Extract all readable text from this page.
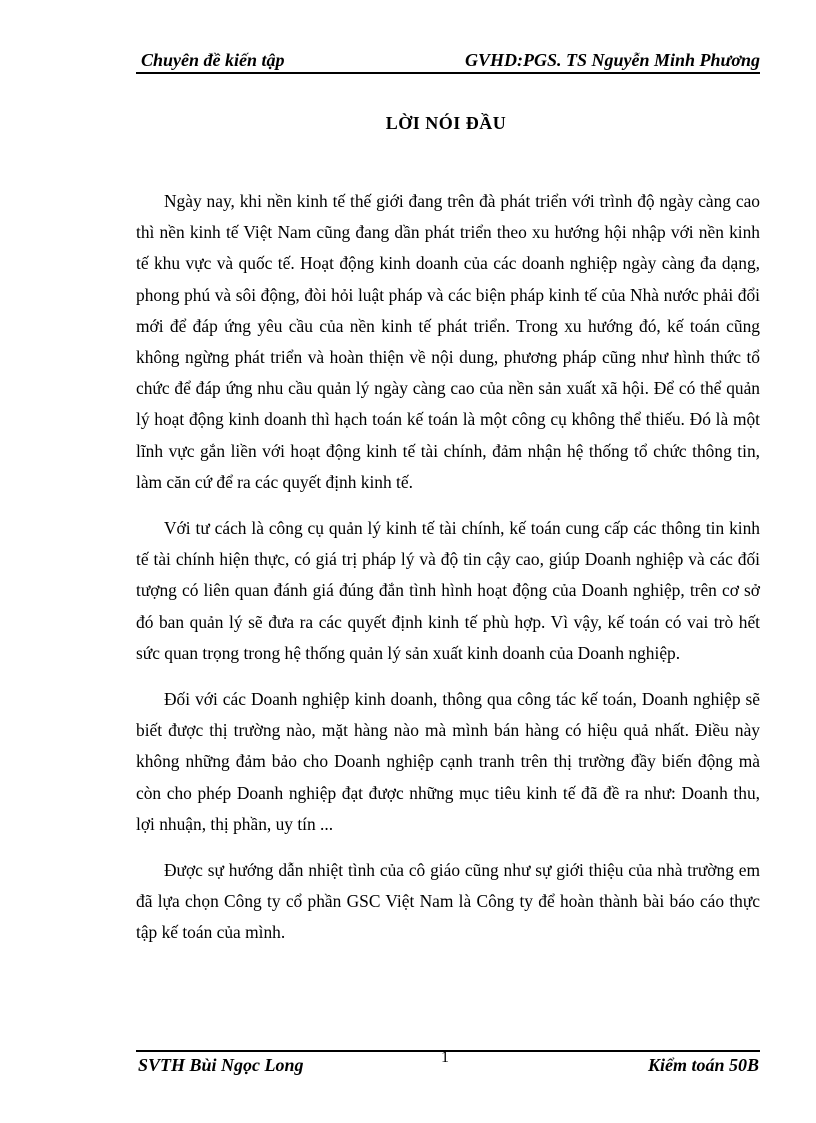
Chuyên đề kiến tập	GVHD:PGS. TS Nguyễn Minh Phương
LỜI NÓI ĐẦU

Ngày nay, khi nền kinh tế thế giới đang trên đà phát triển với trình độ ngày càng cao thì nền kinh tế Việt Nam cũng đang dần phát triển theo xu hướng hội nhập với nền kinh tế khu vực và quốc tế. Hoạt động kinh doanh của các doanh nghiệp ngày càng đa dạng, phong phú và sôi động, đòi hỏi luật pháp và các biện pháp kinh tế của Nhà nước phải đổi mới để đáp ứng yêu cầu của nền kinh tế phát triển. Trong xu hướng đó, kế toán cũng không ngừng phát triển và hoàn thiện về nội dung, phương pháp cũng như hình thức tổ chức để đáp ứng nhu cầu quản lý ngày càng cao của nền sản xuất xã hội. Để có thể quản lý hoạt động kinh doanh thì hạch toán kế toán là một công cụ không thể thiếu. Đó là một lĩnh vực gắn liền với hoạt động kinh tế tài chính, đảm nhận hệ thống tổ chức thông tin, làm căn cứ để ra các quyết định kinh tế.

Với tư cách là công cụ quản lý kinh tế tài chính, kế toán cung cấp các thông tin kinh tế tài chính hiện thực, có giá trị pháp lý và độ tin cậy cao, giúp Doanh nghiệp và các đối tượng có liên quan đánh giá đúng đắn tình hình hoạt động của Doanh nghiệp, trên cơ sở đó ban quản lý sẽ đưa ra các quyết định kinh tế phù hợp. Vì vậy, kế toán có vai trò hết sức quan trọng trong hệ thống quản lý sản xuất kinh doanh của Doanh nghiệp.

Đối với các Doanh nghiệp kinh doanh, thông qua công tác kế toán, Doanh nghiệp sẽ biết được thị trường nào, mặt hàng nào mà mình bán hàng có hiệu quả nhất. Điều này không những đảm bảo cho Doanh nghiệp cạnh tranh trên thị trường đầy biến động mà còn cho phép Doanh nghiệp đạt được những mục tiêu kinh tế đã đề ra như: Doanh thu, lợi nhuận, thị phần, uy tín ...

Được sự hướng dẫn nhiệt tình của cô giáo cũng như sự giới thiệu của nhà trường em đã lựa chọn Công ty cổ phần GSC Việt Nam là Công ty để hoàn thành bài báo cáo thực tập kế toán của mình.

SVTH Bùi Ngọc Long	1	Kiểm toán 50B
